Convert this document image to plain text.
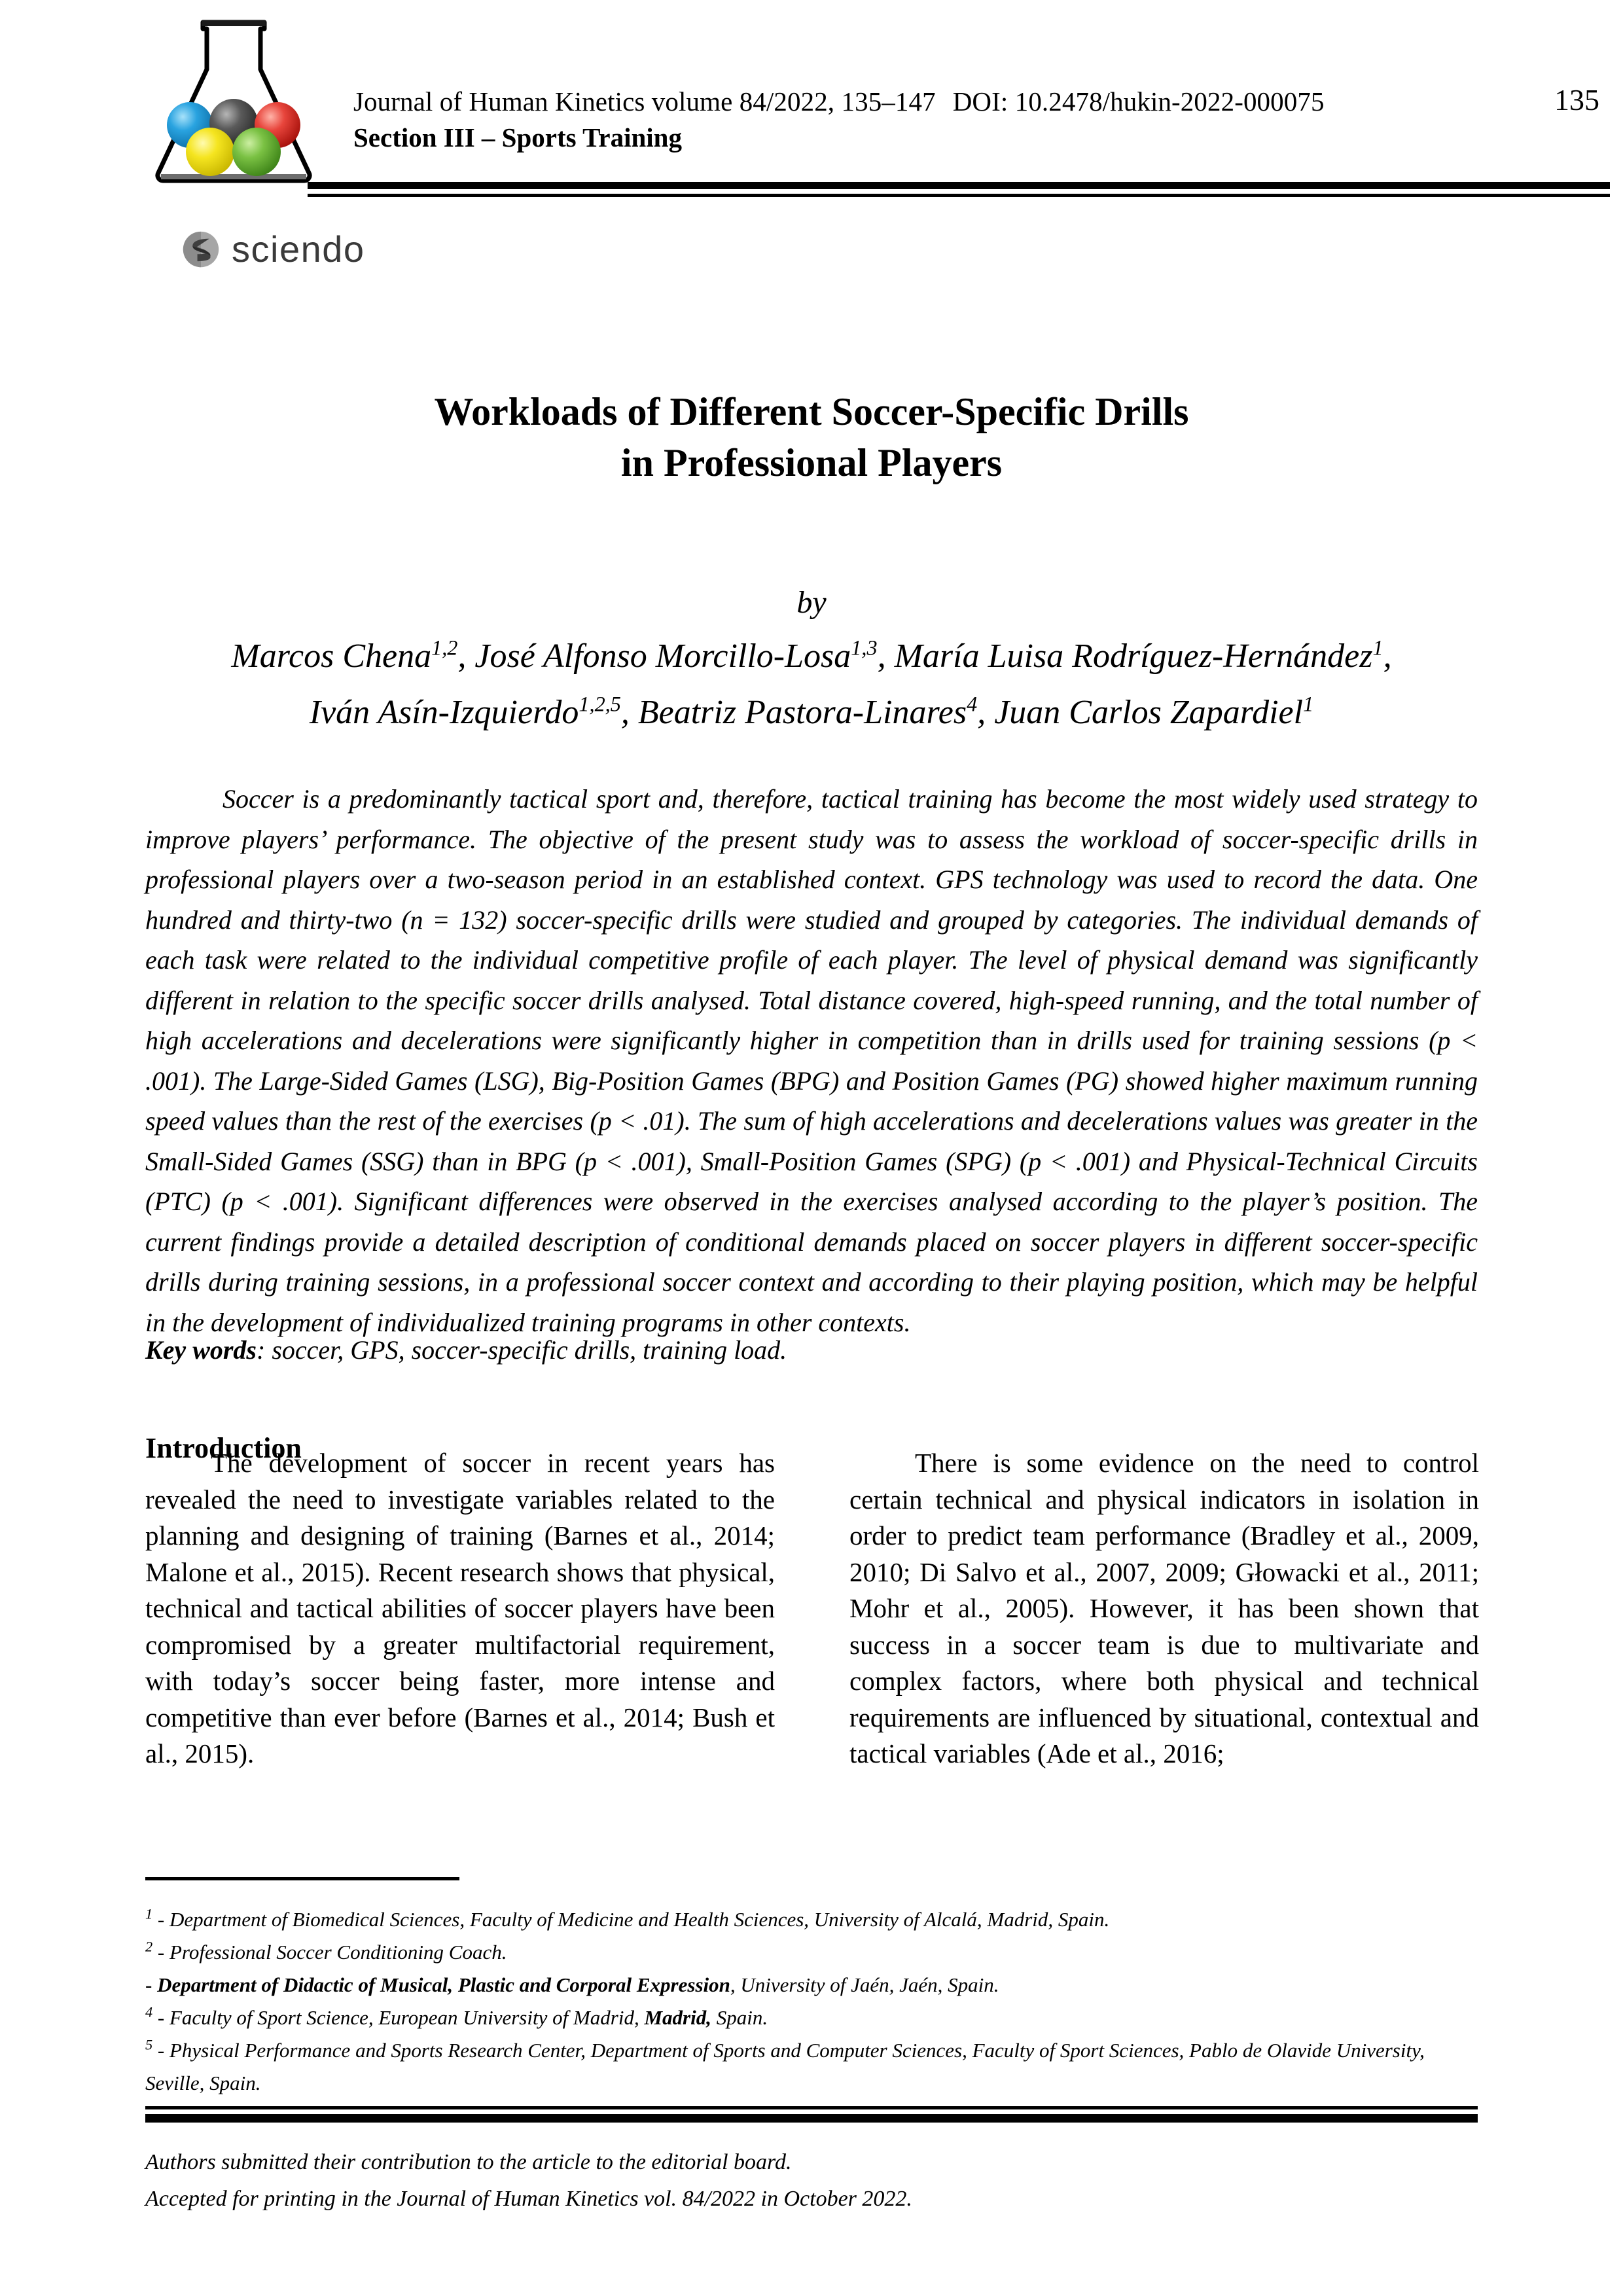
Journal of Human Kinetics volume 84/2022, 135–147 DOI: 10.2478/hukin-2022-000075
Section III – Sports Training
135
sciendo
Workloads of Different Soccer-Specific Drills
in Professional Players
by
Marcos Chena$^{1,2}$, José Alfonso Morcillo-Losa$^{1,3}$, María Luisa Rodríguez-Hernández$^1$,
Iván Asín-Izquierdo$^{1,2,5}$, Beatriz Pastora-Linares$^4$, Juan Carlos Zapardiel$^1$
Soccer is a predominantly tactical sport and, therefore, tactical training has become the most widely used strategy to improve players’ performance. The objective of the present study was to assess the workload of soccer-specific drills in professional players over a two-season period in an established context. GPS technology was used to record the data. One hundred and thirty-two (n = 132) soccer-specific drills were studied and grouped by categories. The individual demands of each task were related to the individual competitive profile of each player. The level of physical demand was significantly different in relation to the specific soccer drills analysed. Total distance covered, high-speed running, and the total number of high accelerations and decelerations were significantly higher in competition than in drills used for training sessions (p < .001). The Large-Sided Games (LSG), Big-Position Games (BPG) and Position Games (PG) showed higher maximum running speed values than the rest of the exercises (p < .01). The sum of high accelerations and decelerations values was greater in the Small-Sided Games (SSG) than in BPG (p < .001), Small-Position Games (SPG) (p < .001) and Physical-Technical Circuits (PTC) (p < .001). Significant differences were observed in the exercises analysed according to the player’s position. The current findings provide a detailed description of conditional demands placed on soccer players in different soccer-specific drills during training sessions, in a professional soccer context and according to their playing position, which may be helpful in the development of individualized training programs in other contexts.
Key words: soccer, GPS, soccer-specific drills, training load.
Introduction
The development of soccer in recent years has revealed the need to investigate variables related to the planning and designing of training (Barnes et al., 2014; Malone et al., 2015). Recent research shows that physical, technical and tactical abilities of soccer players have been compromised by a greater multifactorial requirement, with today’s soccer being faster, more intense and competitive than ever before (Barnes et al., 2014; Bush et al., 2015).
There is some evidence on the need to control certain technical and physical indicators in isolation in order to predict team performance (Bradley et al., 2009, 2010; Di Salvo et al., 2007, 2009; Głowacki et al., 2011; Mohr et al., 2005). However, it has been shown that success in a soccer team is due to multivariate and complex factors, where both physical and technical requirements are influenced by situational, contextual and tactical variables (Ade et al., 2016;

$^1$ - Department of Biomedical Sciences, Faculty of Medicine and Health Sciences, University of Alcalá, Madrid, Spain.

$^2$ - Professional Soccer Conditioning Coach.

- Department of Didactic of Musical, Plastic and Corporal Expression, University of Jaén, Jaén, Spain.

$^4$ - Faculty of Sport Science, European University of Madrid, Madrid, Spain.

$^5$ - Physical Performance and Sports Research Center, Department of Sports and Computer Sciences, Faculty of Sport Sciences, Pablo de Olavide University, Seville, Spain.

Authors submitted their contribution to the article to the editorial board.
Accepted for printing in the Journal of Human Kinetics vol. 84/2022 in October 2022.
